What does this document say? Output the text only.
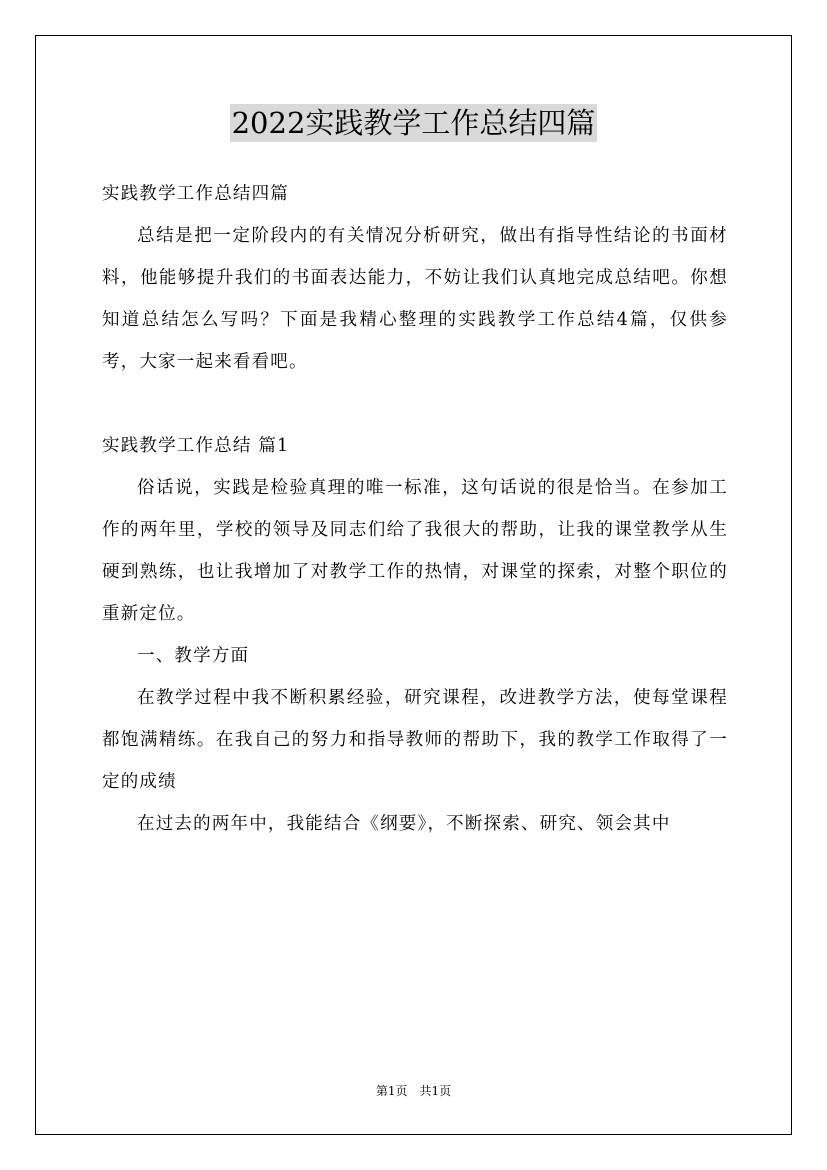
2022实践教学工作总结四篇

实践教学工作总结四篇

总结是把一定阶段内的有关情况分析研究，做出有指导性结论的书面材料，他能够提升我们的书面表达能力，不妨让我们认真地完成总结吧。你想知道总结怎么写吗？下面是我精心整理的实践教学工作总结4篇，仅供参考，大家一起来看看吧。

实践教学工作总结 篇1

俗话说，实践是检验真理的唯一标准，这句话说的很是恰当。在参加工作的两年里，学校的领导及同志们给了我很大的帮助，让我的课堂教学从生硬到熟练，也让我增加了对教学工作的热情，对课堂的探索，对整个职位的重新定位。

一、教学方面

在教学过程中我不断积累经验，研究课程，改进教学方法，使每堂课程都饱满精练。在我自己的努力和指导教师的帮助下，我的教学工作取得了一定的成绩

在过去的两年中，我能结合《纲要》，不断探索、研究、领会其中

第1页 共1页
